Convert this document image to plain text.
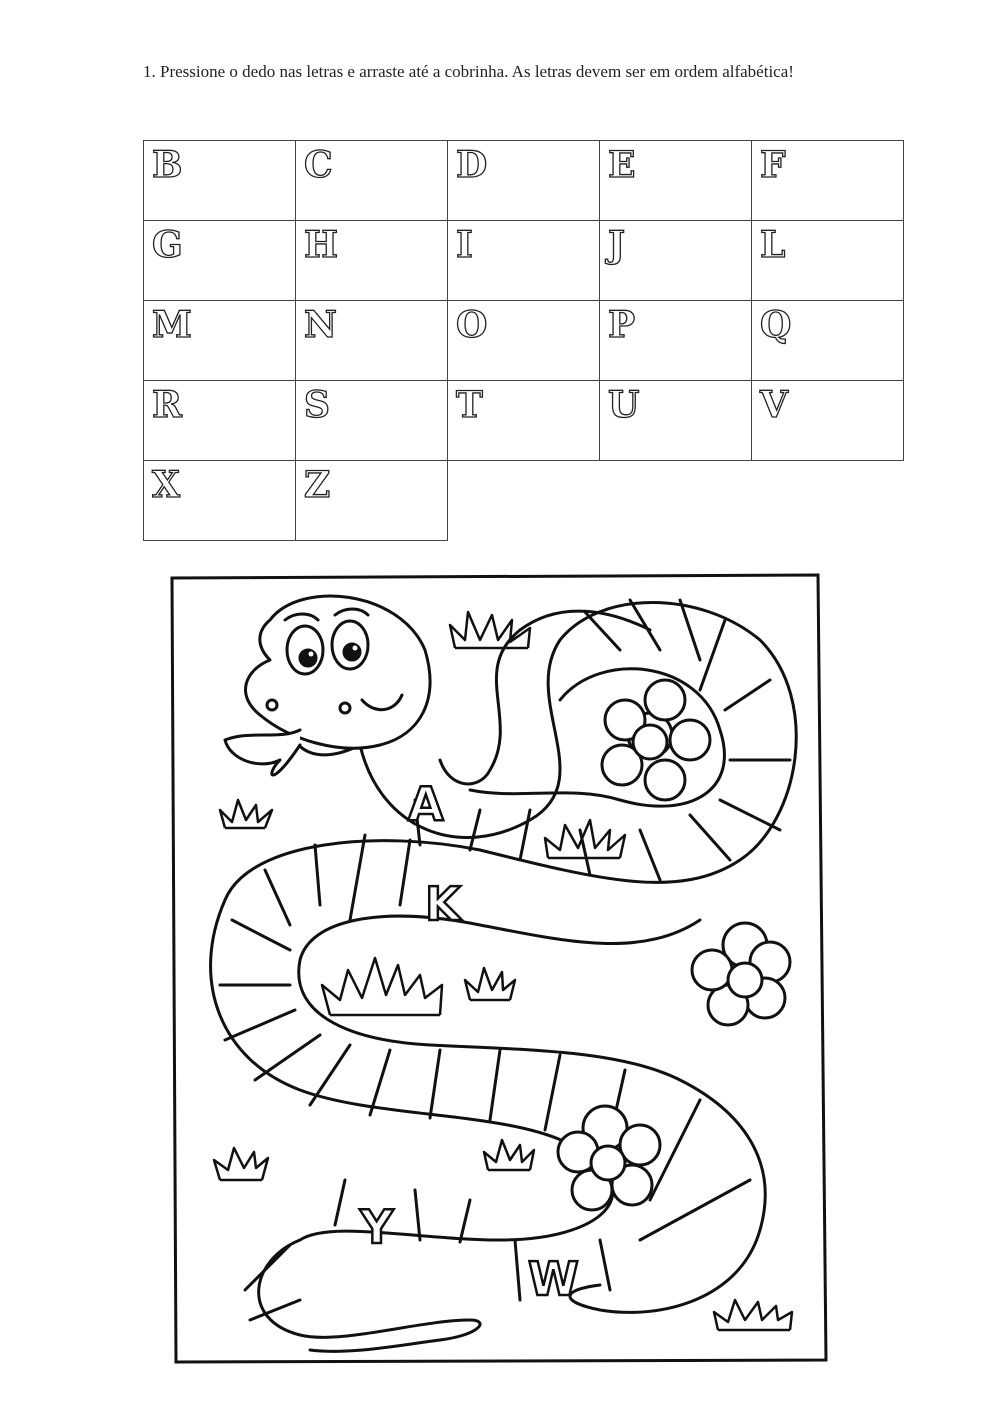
1. Pressione o dedo nas letras e arraste até a cobrinha. As letras devem ser em ordem alfabética!
B	C	D	E	F
G	H	I	J	L
M	N	O	P	Q
R	S	T	U	V
X	Z
A
K
Y
W
